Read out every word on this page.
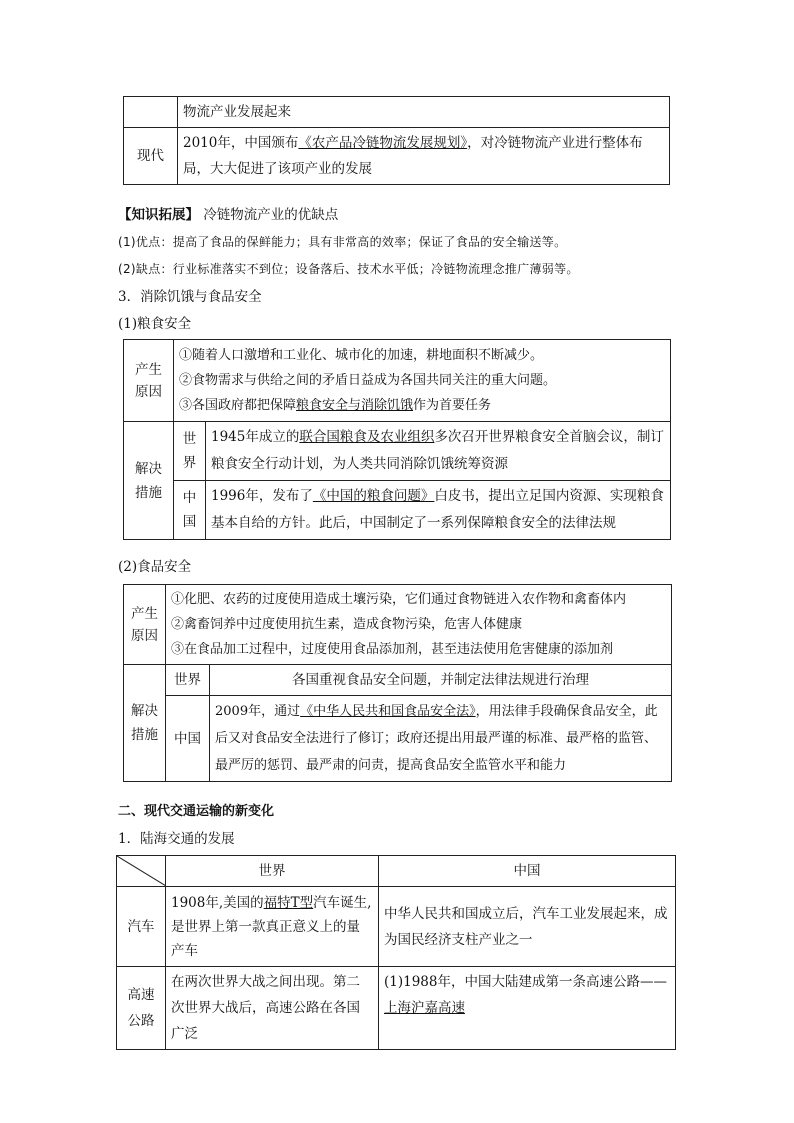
	物流产业发展起来
现代	2010年，中国颁布《农产品冷链物流发展规划》，对冷链物流产业进行整体布局，大大促进了该项产业的发展
【知识拓展】 冷链物流产业的优缺点
(1)优点：提高了食品的保鲜能力；具有非常高的效率；保证了食品的安全输送等。
(2)缺点：行业标准落实不到位；设备落后、技术水平低；冷链物流理念推广薄弱等。
3．消除饥饿与食品安全
(1)粮食安全
产生原因	①随着人口激增和工业化、城市化的加速，耕地面积不断减少。
②食物需求与供给之间的矛盾日益成为各国共同关注的重大问题。
③各国政府都把保障粮食安全与消除饥饿作为首要任务	

解决措施	世界	1945年成立的联合国粮食及农业组织多次召开世界粮食安全首脑会议，制订粮食安全行动计划，为人类共同消除饥饿统筹资源
	中国	1996年，发布了《中国的粮食问题》白皮书，提出立足国内资源、实现粮食基本自给的方针。此后，中国制定了一系列保障粮食安全的法律法规
(2)食品安全
产生原因	①化肥、农药的过度使用造成土壤污染，它们通过食物链进入农作物和禽畜体内
②禽畜饲养中过度使用抗生素，造成食物污染，危害人体健康
③在食品加工过程中，过度使用食品添加剂，甚至违法使用危害健康的添加剂	

解决措施	世界	各国重视食品安全问题，并制定法律法规进行治理
	中国	2009年，通过《中华人民共和国食品安全法》，用法律手段确保食品安全，此后又对食品安全法进行了修订；政府还提出用最严谨的标准、最严格的监管、最严厉的惩罚、最严肃的问责，提高食品安全监管水平和能力
二、现代交通运输的新变化
1．陆海交通的发展
	世界	中国
汽车	1908年,美国的福特T型汽车诞生,是世界上第一款真正意义上的量产车	中华人民共和国成立后，汽车工业发展起来，成为国民经济支柱产业之一
高速公路	在两次世界大战之间出现。第二次世界大战后，高速公路在各国广泛	(1)1988年，中国大陆建成第一条高速公路——上海沪嘉高速
